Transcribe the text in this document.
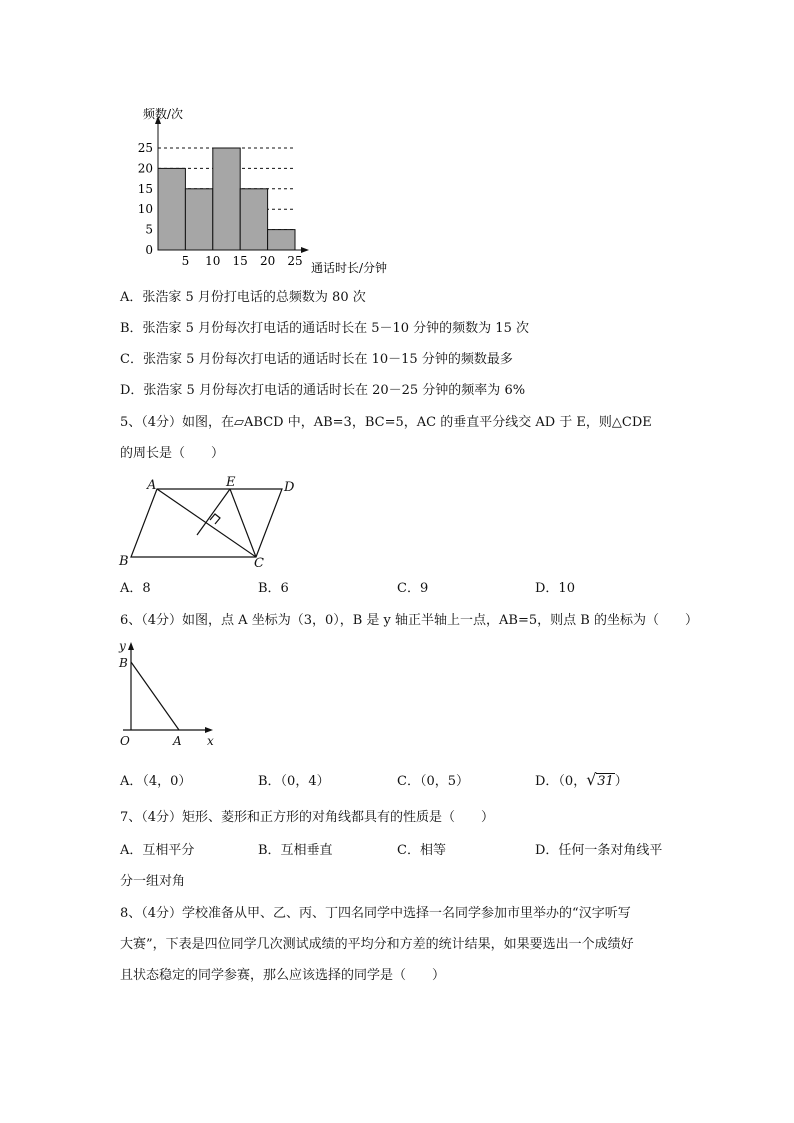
25
20
15
10
5
0
5 10 15 20 25
频数/次
通话时长/分钟
A．张浩家 5 月份打电话的总频数为 80 次
B．张浩家 5 月份每次打电话的通话时长在 5－10 分钟的频数为 15 次
C．张浩家 5 月份每次打电话的通话时长在 10－15 分钟的频数最多
D．张浩家 5 月份每次打电话的通话时长在 20－25 分钟的频率为 6%
5、（4分）如图，在▱ABCD 中，AB=3，BC=5，AC 的垂直平分线交 AD 于 E，则△CDE
的周长是（　　）
A	E	D
B	C
A．8	B．6	C．9	D．10
6、（4分）如图，点 A 坐标为（3，0），B 是 y 轴正半轴上一点，AB=5，则点 B 的坐标为（　　）
y
B
O	A x
A．（4，0）	B．（0，4）	C．（0，5）	D．（0， √ 31）
7、（4分）矩形、菱形和正方形的对角线都具有的性质是（　　）
A．互相平分	B．互相垂直	C．相等	D．任何一条对角线平
分一组对角
8、（4分）学校准备从甲、乙、丙、丁四名同学中选择一名同学参加市里举办的“汉字听写
大赛”，下表是四位同学几次测试成绩的平均分和方差的统计结果，如果要选出一个成绩好
且状态稳定的同学参赛，那么应该选择的同学是（　　）
